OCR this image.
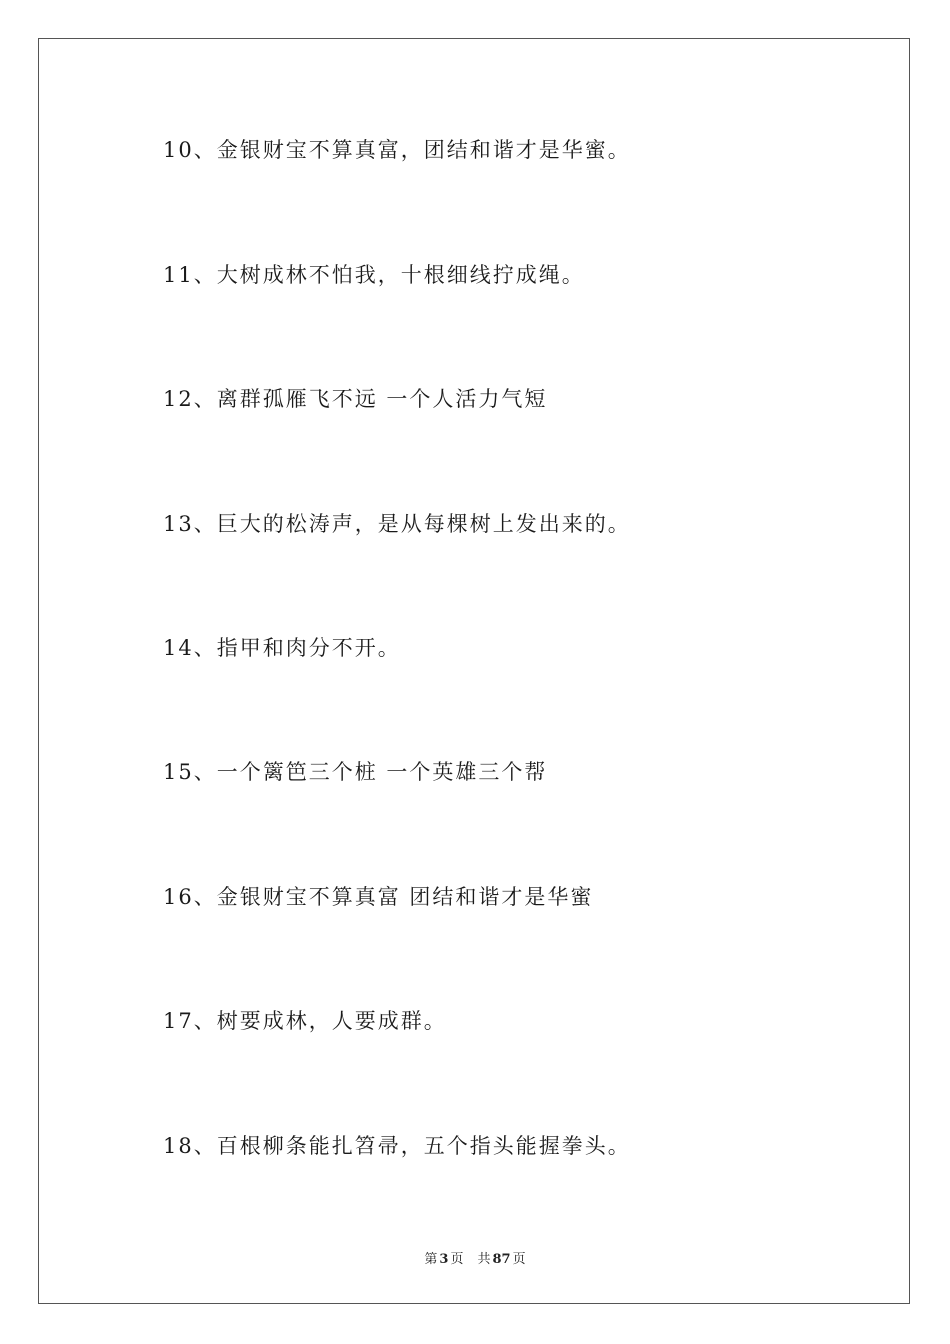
10、金银财宝不算真富，团结和谐才是华蜜。
11、大树成林不怕我，十根细线拧成绳。
12、离群孤雁飞不远 一个人活力气短
13、巨大的松涛声，是从每棵树上发出来的。
14、指甲和肉分不开。
15、一个篱笆三个桩 一个英雄三个帮
16、金银财宝不算真富 团结和谐才是华蜜
17、树要成林，人要成群。
18、百根柳条能扎笤帚，五个指头能握拳头。
第 3 页 共 87 页
